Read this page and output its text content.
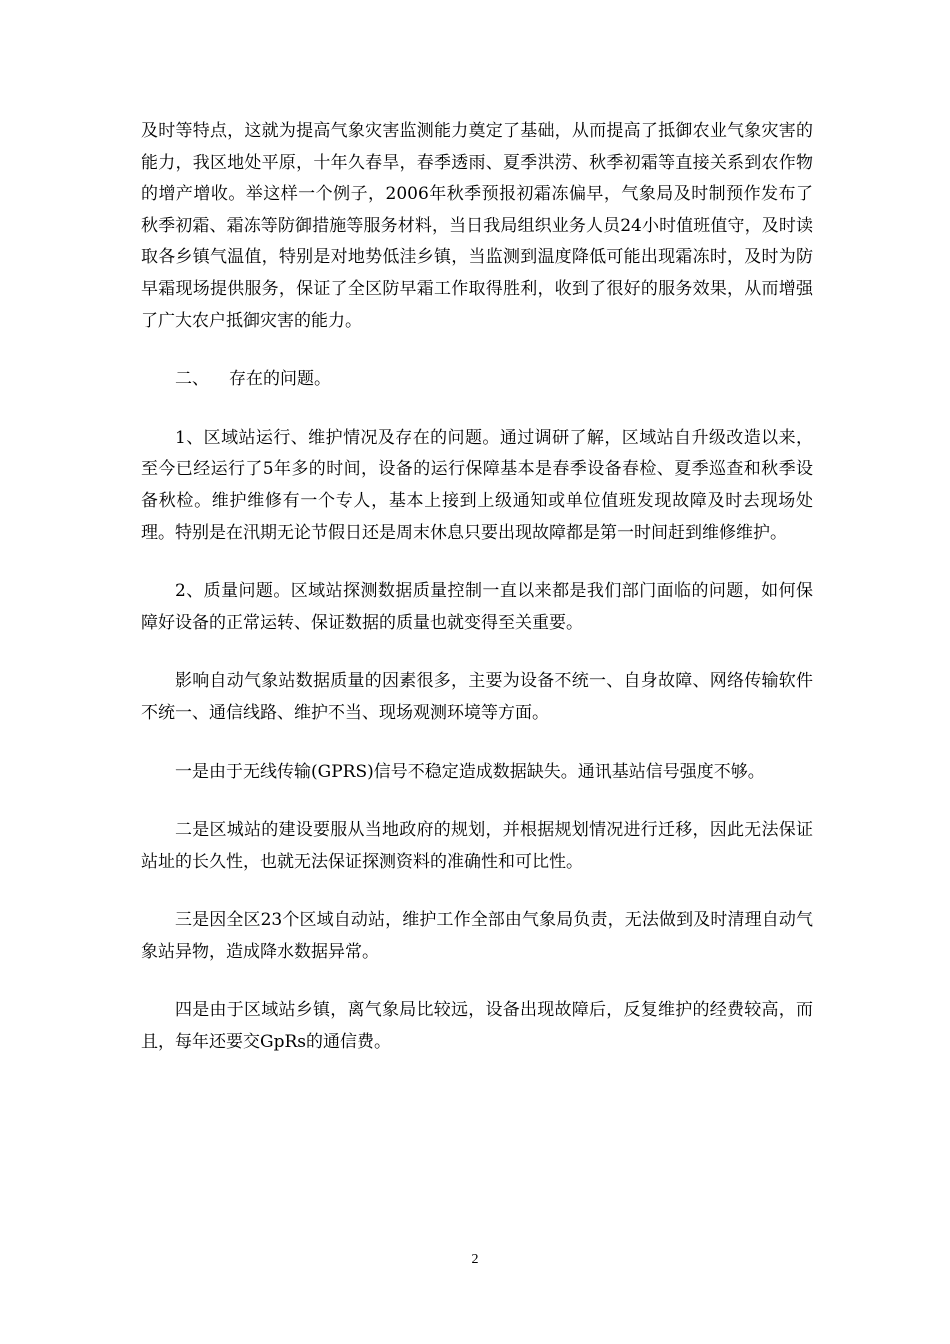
及时等特点，这就为提高气象灾害监测能力奠定了基础，从而提高了抵御农业气象灾害的能力，我区地处平原，十年久春旱，春季透雨、夏季洪涝、秋季初霜等直接关系到农作物的增产增收。举这样一个例子，2006年秋季预报初霜冻偏早，气象局及时制预作发布了秋季初霜、霜冻等防御措施等服务材料，当日我局组织业务人员24小时值班值守，及时读取各乡镇气温值，特别是对地势低洼乡镇，当监测到温度降低可能出现霜冻时，及时为防早霜现场提供服务，保证了全区防早霜工作取得胜利，收到了很好的服务效果，从而增强了广大农户抵御灾害的能力。

二、 存在的问题。

1、区域站运行、维护情况及存在的问题。通过调研了解，区域站自升级改造以来，至今已经运行了5年多的时间，设备的运行保障基本是春季设备春检、夏季巡查和秋季设备秋检。维护维修有一个专人，基本上接到上级通知或单位值班发现故障及时去现场处理。特别是在汛期无论节假日还是周末休息只要出现故障都是第一时间赶到维修维护。

2、质量问题。区域站探测数据质量控制一直以来都是我们部门面临的问题，如何保障好设备的正常运转、保证数据的质量也就变得至关重要。

影响自动气象站数据质量的因素很多，主要为设备不统一、自身故障、网络传输软件不统一、通信线路、维护不当、现场观测环境等方面。

一是由于无线传输(GPRS)信号不稳定造成数据缺失。通讯基站信号强度不够。

二是区城站的建设要服从当地政府的规划，并根据规划情况进行迁移，因此无法保证站址的长久性，也就无法保证探测资料的准确性和可比性。

三是因全区23个区域自动站，维护工作全部由气象局负责，无法做到及时清理自动气象站异物，造成降水数据异常。

四是由于区域站乡镇，离气象局比较远，设备出现故障后，反复维护的经费较高，而且，每年还要交GpRs的通信费。

2
